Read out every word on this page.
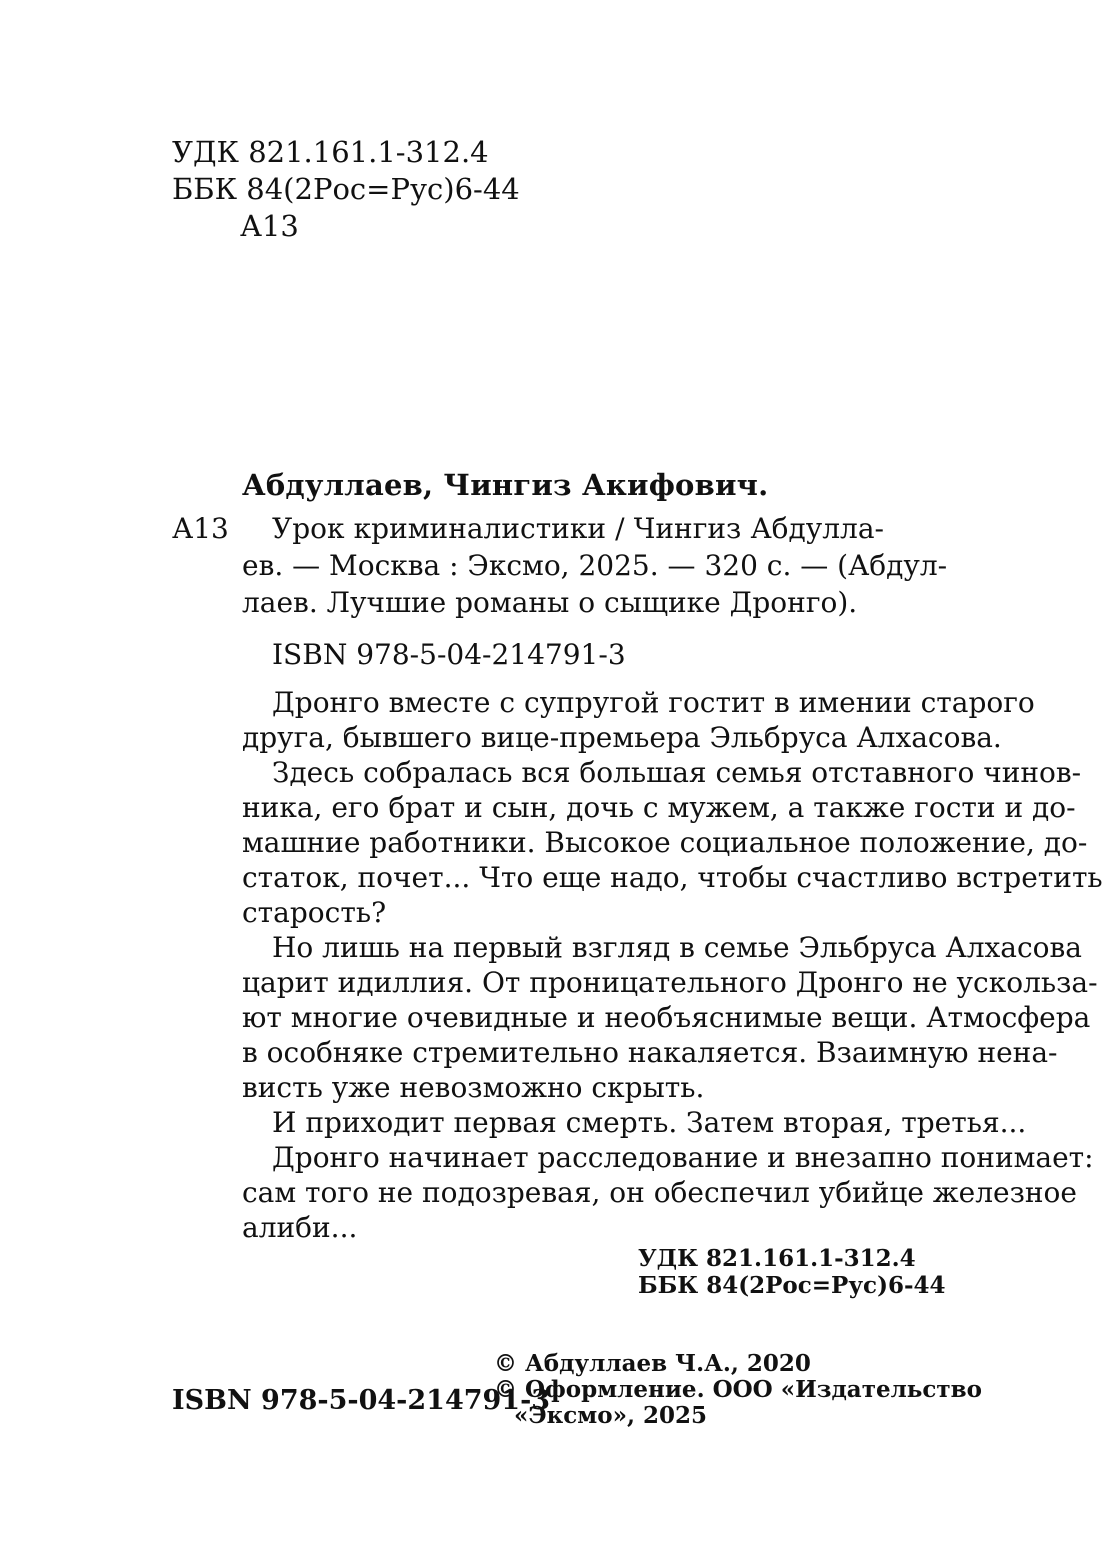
УДК 821.161.1-312.4
ББК 84(2Рос=Рус)6-44
А13
Абдуллаев, Чингиз Акифович.
А13 Урок криминалистики / Чингиз Абдулла-
ев. — Москва : Эксмо, 2025. — 320 с. — (Абдул-
лаев. Лучшие романы о сыщике Дронго).
ISBN 978-5-04-214791-3
Дронго вместе с супругой гостит в имении старого
друга, бывшего вице-премьера Эльбруса Алхасова.
Здесь собралась вся большая семья отставного чинов-
ника, его брат и сын, дочь с мужем, а также гости и до-
машние работники. Высокое социальное положение, до-
статок, почет... Что еще надо, чтобы счастливо встретить
старость?
Но лишь на первый взгляд в семье Эльбруса Алхасова
царит идиллия. От проницательного Дронго не ускольза-
ют многие очевидные и необъяснимые вещи. Атмосфера
в особняке стремительно накаляется. Взаимную нена-
висть уже невозможно скрыть.
И приходит первая смерть. Затем вторая, третья...
Дронго начинает расследование и внезапно понимает:
сам того не подозревая, он обеспечил убийце железное
алиби...
УДК 821.161.1-312.4
ББК 84(2Рос=Рус)6-44
© Абдуллаев Ч.А., 2020
© Оформление. ООО «Издательство
«Эксмо», 2025
ISBN 978-5-04-214791-3
